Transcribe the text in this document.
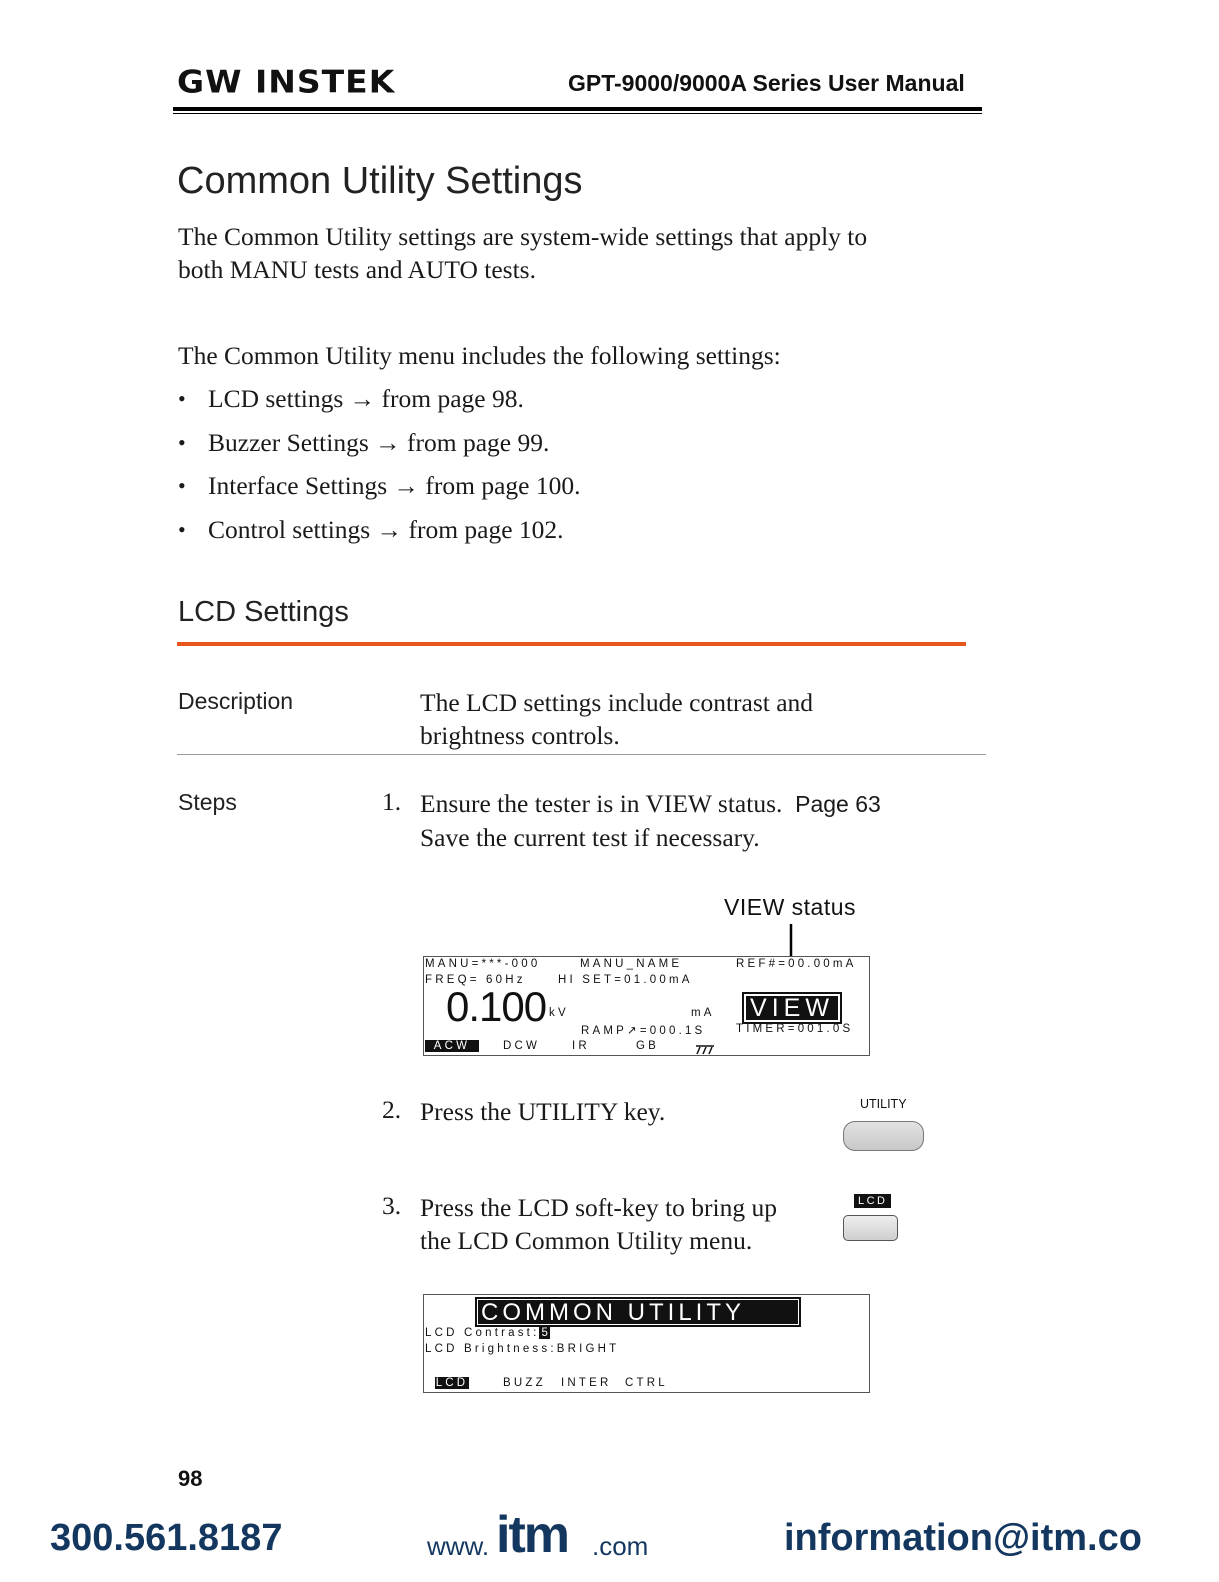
GW INSTEK	GPT-9000/9000A Series User Manual
Common Utility Settings
The Common Utility settings are system-wide settings that apply to
both MANU tests and AUTO tests.
The Common Utility menu includes the following settings:
• LCD settings → from page 98.
• Buzzer Settings → from page 99.
• Interface Settings → from page 100.
• Control settings → from page 102.
LCD Settings
Description	The LCD settings include contrast and
brightness controls.
Steps	1. Ensure the tester is in VIEW status. Page 63
Save the current test if necessary.
VIEW status
MANU=***-000	MANU_NAME	REF#=00.00mA
FREQ= 60Hz	HI SET=01.00mA
0.100 kV	mA	VIEW
RAMP↗=000.1S	TIMER=001.0S
ACW	DCW	IR	GB
2. Press the UTILITY key.	UTILITY
3. Press the LCD soft-key to bring up
the LCD Common Utility menu.
LCD
COMMON UTILITY
LCD Contrast: 5
LCD Brightness:BRIGHT
LCD	BUZZ INTER CTRL
98
300.561.8187	www. itm .com	information@itm.co
